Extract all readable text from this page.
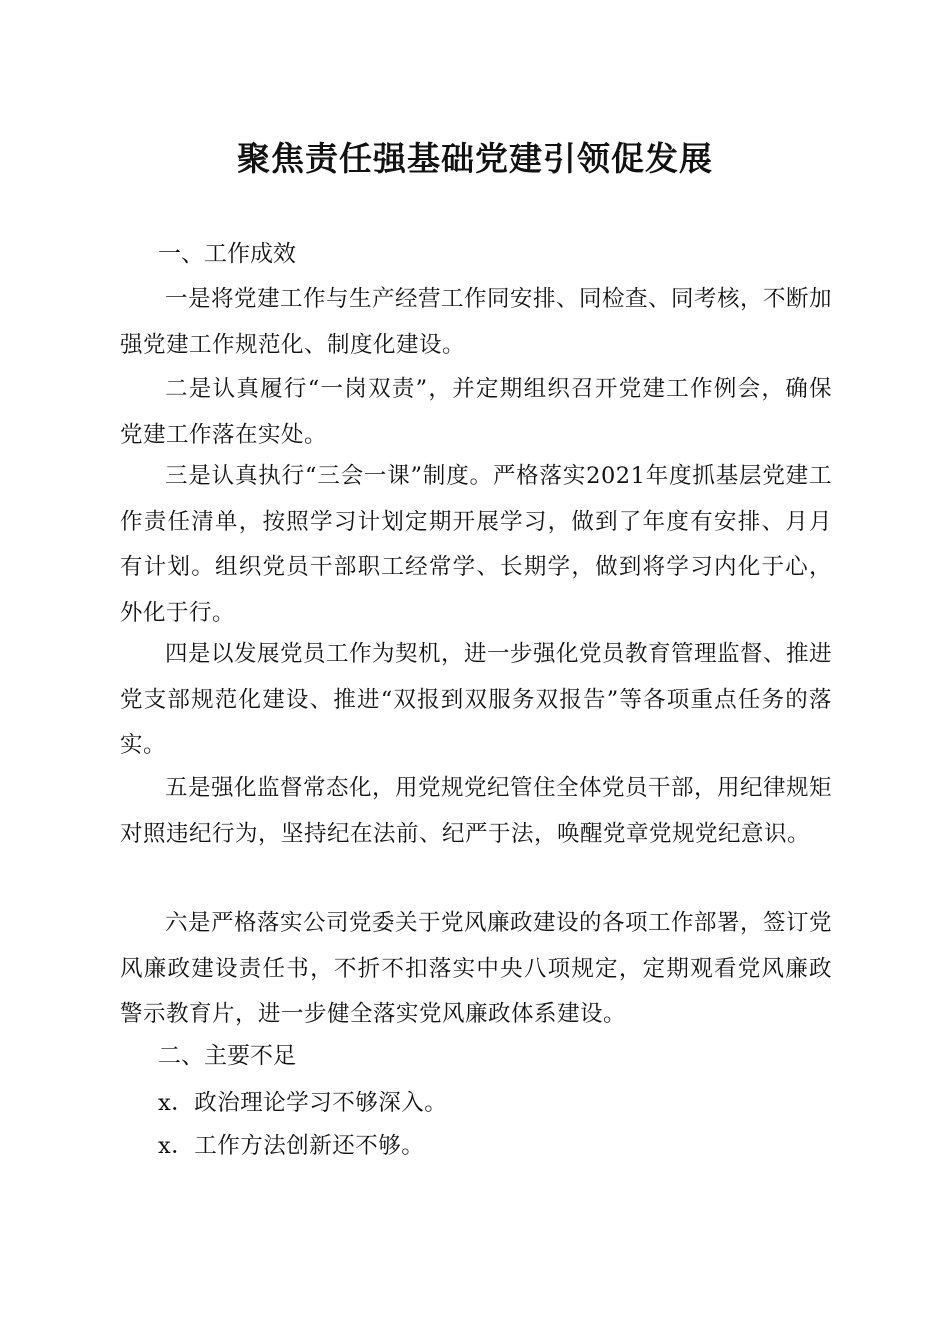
聚焦责任强基础党建引领促发展
一、工作成效

一是将党建工作与生产经营工作同安排、同检查、同考核，不断加强党建工作规范化、制度化建设。

二是认真履行“一岗双责”，并定期组织召开党建工作例会，确保党建工作落在实处。

三是认真执行“三会一课”制度。严格落实2021年度抓基层党建工作责任清单，按照学习计划定期开展学习，做到了年度有安排、月月有计划。组织党员干部职工经常学、长期学，做到将学习内化于心，外化于行。

四是以发展党员工作为契机，进一步强化党员教育管理监督、推进党支部规范化建设、推进“双报到双服务双报告”等各项重点任务的落实。

五是强化监督常态化，用党规党纪管住全体党员干部，用纪律规矩对照违纪行为，坚持纪在法前、纪严于法，唤醒党章党规党纪意识。

六是严格落实公司党委关于党风廉政建设的各项工作部署，签订党风廉政建设责任书，不折不扣落实中央八项规定，定期观看党风廉政警示教育片，进一步健全落实党风廉政体系建设。

二、主要不足

x．政治理论学习不够深入。

x．工作方法创新还不够。
